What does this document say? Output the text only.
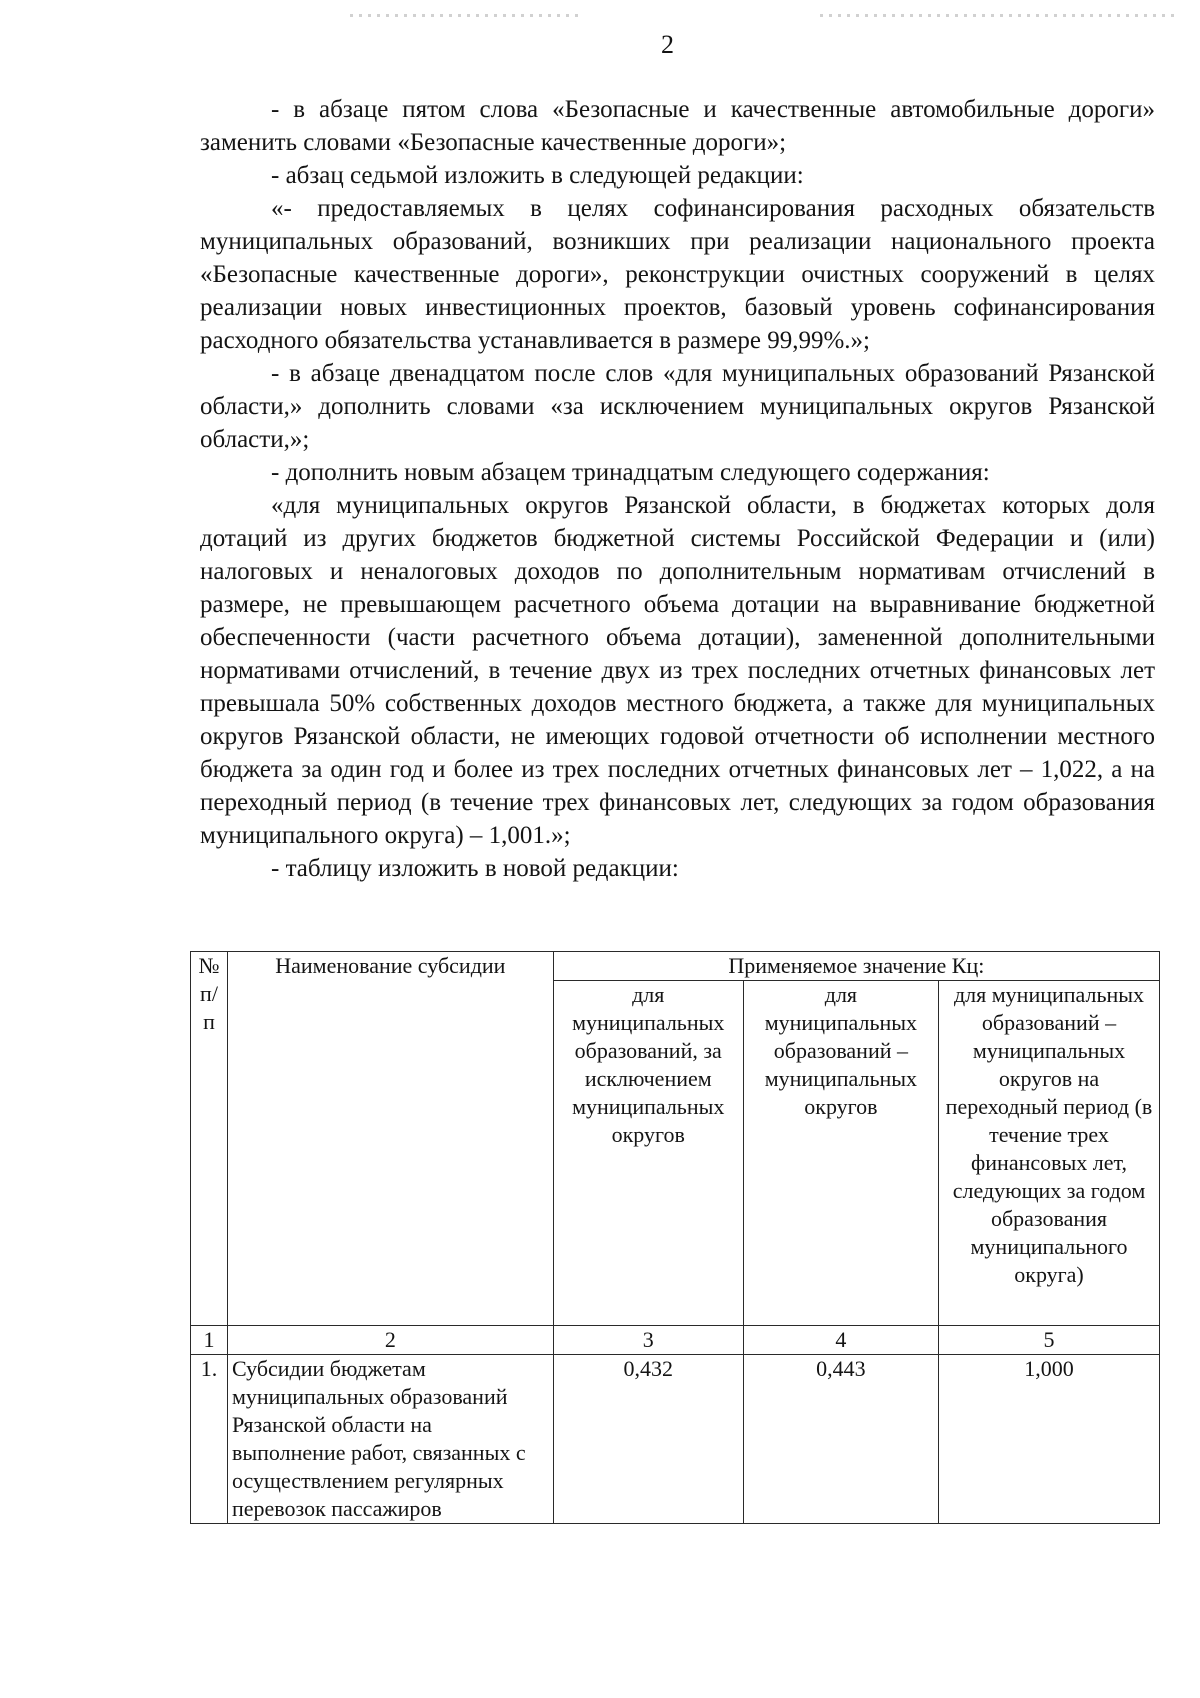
2

- в абзаце пятом слова «Безопасные и качественные автомобильные дороги» заменить словами «Безопасные качественные дороги»;

- абзац седьмой изложить в следующей редакции:

«- предоставляемых в целях софинансирования расходных обязательств муниципальных образований, возникших при реализации национального проекта «Безопасные качественные дороги», реконструкции очистных сооружений в целях реализации новых инвестиционных проектов, базовый уровень софинансирования расходного обязательства устанавливается в размере 99,99%.»;

- в абзаце двенадцатом после слов «для муниципальных образований Рязанской области,» дополнить словами «за исключением муниципальных округов Рязанской области,»;

- дополнить новым абзацем тринадцатым следующего содержания:

«для муниципальных округов Рязанской области, в бюджетах которых доля дотаций из других бюджетов бюджетной системы Российской Федерации и (или) налоговых и неналоговых доходов по дополнительным нормативам отчислений в размере, не превышающем расчетного объема дотации на выравнивание бюджетной обеспеченности (части расчетного объема дотации), замененной дополнительными нормативами отчислений, в течение двух из трех последних отчетных финансовых лет превышала 50% собственных доходов местного бюджета, а также для муниципальных округов Рязанской области, не имеющих годовой отчетности об исполнении местного бюджета за один год и более из трех последних отчетных финансовых лет – 1,022, а на переходный период (в течение трех финансовых лет, следующих за годом образования муниципального округа) – 1,001.»;

- таблицу изложить в новой редакции:

№ п/п	Наименование субсидии	Применяемое значение Кц:		
		для муниципальных образований, за исключением муниципальных округов	для муниципальных образований – муниципальных округов	для муниципальных образований – муниципальных округов на переходный период (в течение трех финансовых лет, следующих за годом образования муниципального округа)
1	2	3	4	5
1.	Субсидии бюджетам муниципальных образований Рязанской области на выполнение работ, связанных с осуществлением регулярных перевозок пассажиров	0,432	0,443	1,000
